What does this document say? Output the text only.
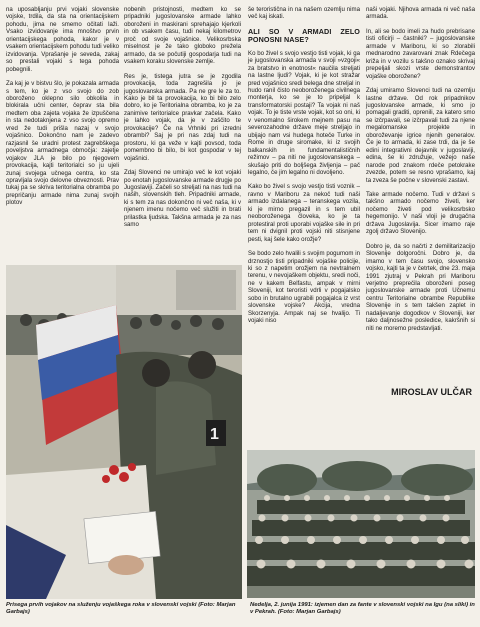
na uposabljanju prvi vojaki slovenske vojske, trdila, da sta na orientacijskem pohodu, jima ne smemo očitati laži. Vsako izvidovanje ima mnoštvo prvin orientacijskega pohoda, kakor je v vsakem orientacijskem pohodu tudi veliko izvidovanja. Vprašanje je seveda, zakaj so prestali vojaki s tega pohoda pobegnili.

Za kaj je v bistvu šlo, je pokazala armada s tem, ko je z vso svojo do zob oboroženo oklepno silo obkolila in blokirala učni center, čeprav sta bila medtem oba zajeta vojaka že izpuščena in sta nedotaknjena z vso svojo opremo vred že tudi prišla nazaj v svojo vojašnico. Dokončno nam je zadevo razjasnil še uradni protest zagrebškega poveljstva armadnega območja: zajetje vojakov JLA je bilo po njegovem provokacija, kajti teritorialci so ju ujeli zunaj svojega učnega centra, ko sta opravljala svojo delovne obveznosti. Prav tukaj pa se skriva teritorialna obramba po prepričanju armade nima zunaj svojih plotov

nobenih pristojnosti, medtem ko se pripadniki jugoslovanske armade lahko oboroženi in maskirani sprehajajo kjerkoli in ob vsakem času, tudi nekaj kilometrov proč od svoje vojašnice. Velikosrbska miselnost je že tako globoko prežela armado, da se počutiji gospodarja tudi na vsakem koraku slovenske zemlje.

Res je, tistega jutra se je zgodila provokacija, toda zagrešila jo je jugoslovanska armada. Pa ne gre le za to. Kako je bil ta provokacija, ko bi bilo zelo dobro, ko je Teritorialna obramba, ko je za zanimive teritorialce pravkar začela. Kako je lahko vojak, da je v zaščito te provokacije? Če na Vrhniki pri izredni obrambi? Saj je pri nas zdaj tudi na prostoru, ki ga veže v kajti povsod, toda pomembno bi bilo, bi kot gospodar v tej vojašnici.

Zdaj Slovenci ne umirajo več le kot vojaki po enotah jugoslovanske armade drugje po Jugoslaviji. Začeli so streljati na nas tudi na naših, slovenskih tleh. Pripadniki armade, ki s tem za nas dokončno ni več naša, ki v njenem imenu nočemo več služiti in brati prilastka ljudska. Takšna armada je za nas samo

še teroristična in na našem ozemlju nima več kaj iskati.

ALI SO V ARMADI ZELO PONOSNI NASE?

Ko bo živel s svojo vestjo tisti vojak, ki ga je jugoslovanska armada v svoji »vzgoji« za bratstvo in enotnost« naučila streljati na lastne ljudi? Vojak, ki je kot stražar pred vojašnico sredi belega dne streljal in hudo ranil čisto neoboroženega civilnega monterja, ko se je to pripeljal k transformatorski postaji? Ta vojak ni naš vojak. To je tiste vrste vojak, kot so oni, ki v venomalno širokem mejnem pasu na severozahodne države meje streljajo in ubijajo nam vsi hudega hoteče Turke in Rome in druge siromake, ki iz svojih balkanskih in fundamentalističnih režimov – pa niti ne jugoslovanskega – skušajo priti do boljšega življenja – pač legalno, če jim legalno ni dovoljeno.

Kako bo živel s svojo vestjo tisti voznik – ravno v Mariboru za nekoč tudi naši armado izdalanega – teranskega vozila, ki je mirno pregazil in s tem ubil neoboroženega človeka, ko je ta protestiral proti uporabi vojaške sile in pri tem ni dvignil proti vojski niti stisnjene pesti, kaj šele kako orožje?

Se bodo zelo hvalili s svojim pogumom in drznostjo tisti pripadniki vojaške policije, ki so z napetim orožjem na nevtralnem terenu, v nevojaškem objektu, sredi noči, ne v kakem Belfastu, ampak v mirni Sloveniji, kot teroristi vdrli v pogajalsko sobo in brutalno ugrabili pogajalca iz vrst slovenske vojske? Akcija, vredna Skorzenyja. Ampak naj se hvalijo. Ti vojaki niso

naši vojaki. Njihova armada ni več naša armada.

In, ali se bodo imeli za hudo prebrisane tisti oficirji – častniki? – jugoslovanske armade v Mariboru, ki so zlorabili mednarodno zavarovani znak Rdečega križa in v vozilu s takšno oznako skrivaj prepeljali skozi vrste demonstrantov vojaške oborožene?

Zdaj umiramo Slovenci tudi na ozemlju lastne države. Od rok pripadnikov jugoslovanske armade, ki smo jo pomagali graditi, oprenili, za katero smo se izčrpavali, se izčrpavali tudi za njene megalomanske projekte in oboroževanje igrice njenih generalov. Če je to armada, ki zase trdi, da je še edini integrativni dejavnik v jugoslaviji, edina, še ki združuje, vežejo naše narode pod znakom rdeče petokrake zvezde, potem se resno vprašamo, kaj ta zveza še počne v slovenski zastavi.

Take armade nočemo. Tudi v državi s takšno armado nočemo živeti, ker nočemo živeti pod velikosrbsko hegemonijo. V naši vloji je drugačna država Jugoslavija. Sicer imamo raje zgolj državo Slovenijo.

Dobro je, da so načrti z demilitarizacijo Slovenije dolgoročni. Dobro je, da imamo v tem času svojo, slovensko vojsko, kajti ta je v četrtek, dne 23. maja 1991 zjutraj v Pekrah pri Mariboru verjetno preprečila oboroženi poseg jugoslovanske armade proti Učnemu centru Teritorialne obrambe Republike Slovenije in s tem takšen zaplet in nadaljevanje dogodkov v Sloveniji, ker tako daljnosežne posledice, kakršnih si niti ne moremo predstavljati.

MIROSLAV ULČAR
1
Prisega prvih vojakov na služenju vojaškega roka v slovenski vojski (Foto: Marjan Garbajs)
Nedelja, 2. junija 1991: izjemen dan za fante v slovenski vojski na Igu (na sliki) in v Pekrah. (Foto: Marjan Garbajs)
